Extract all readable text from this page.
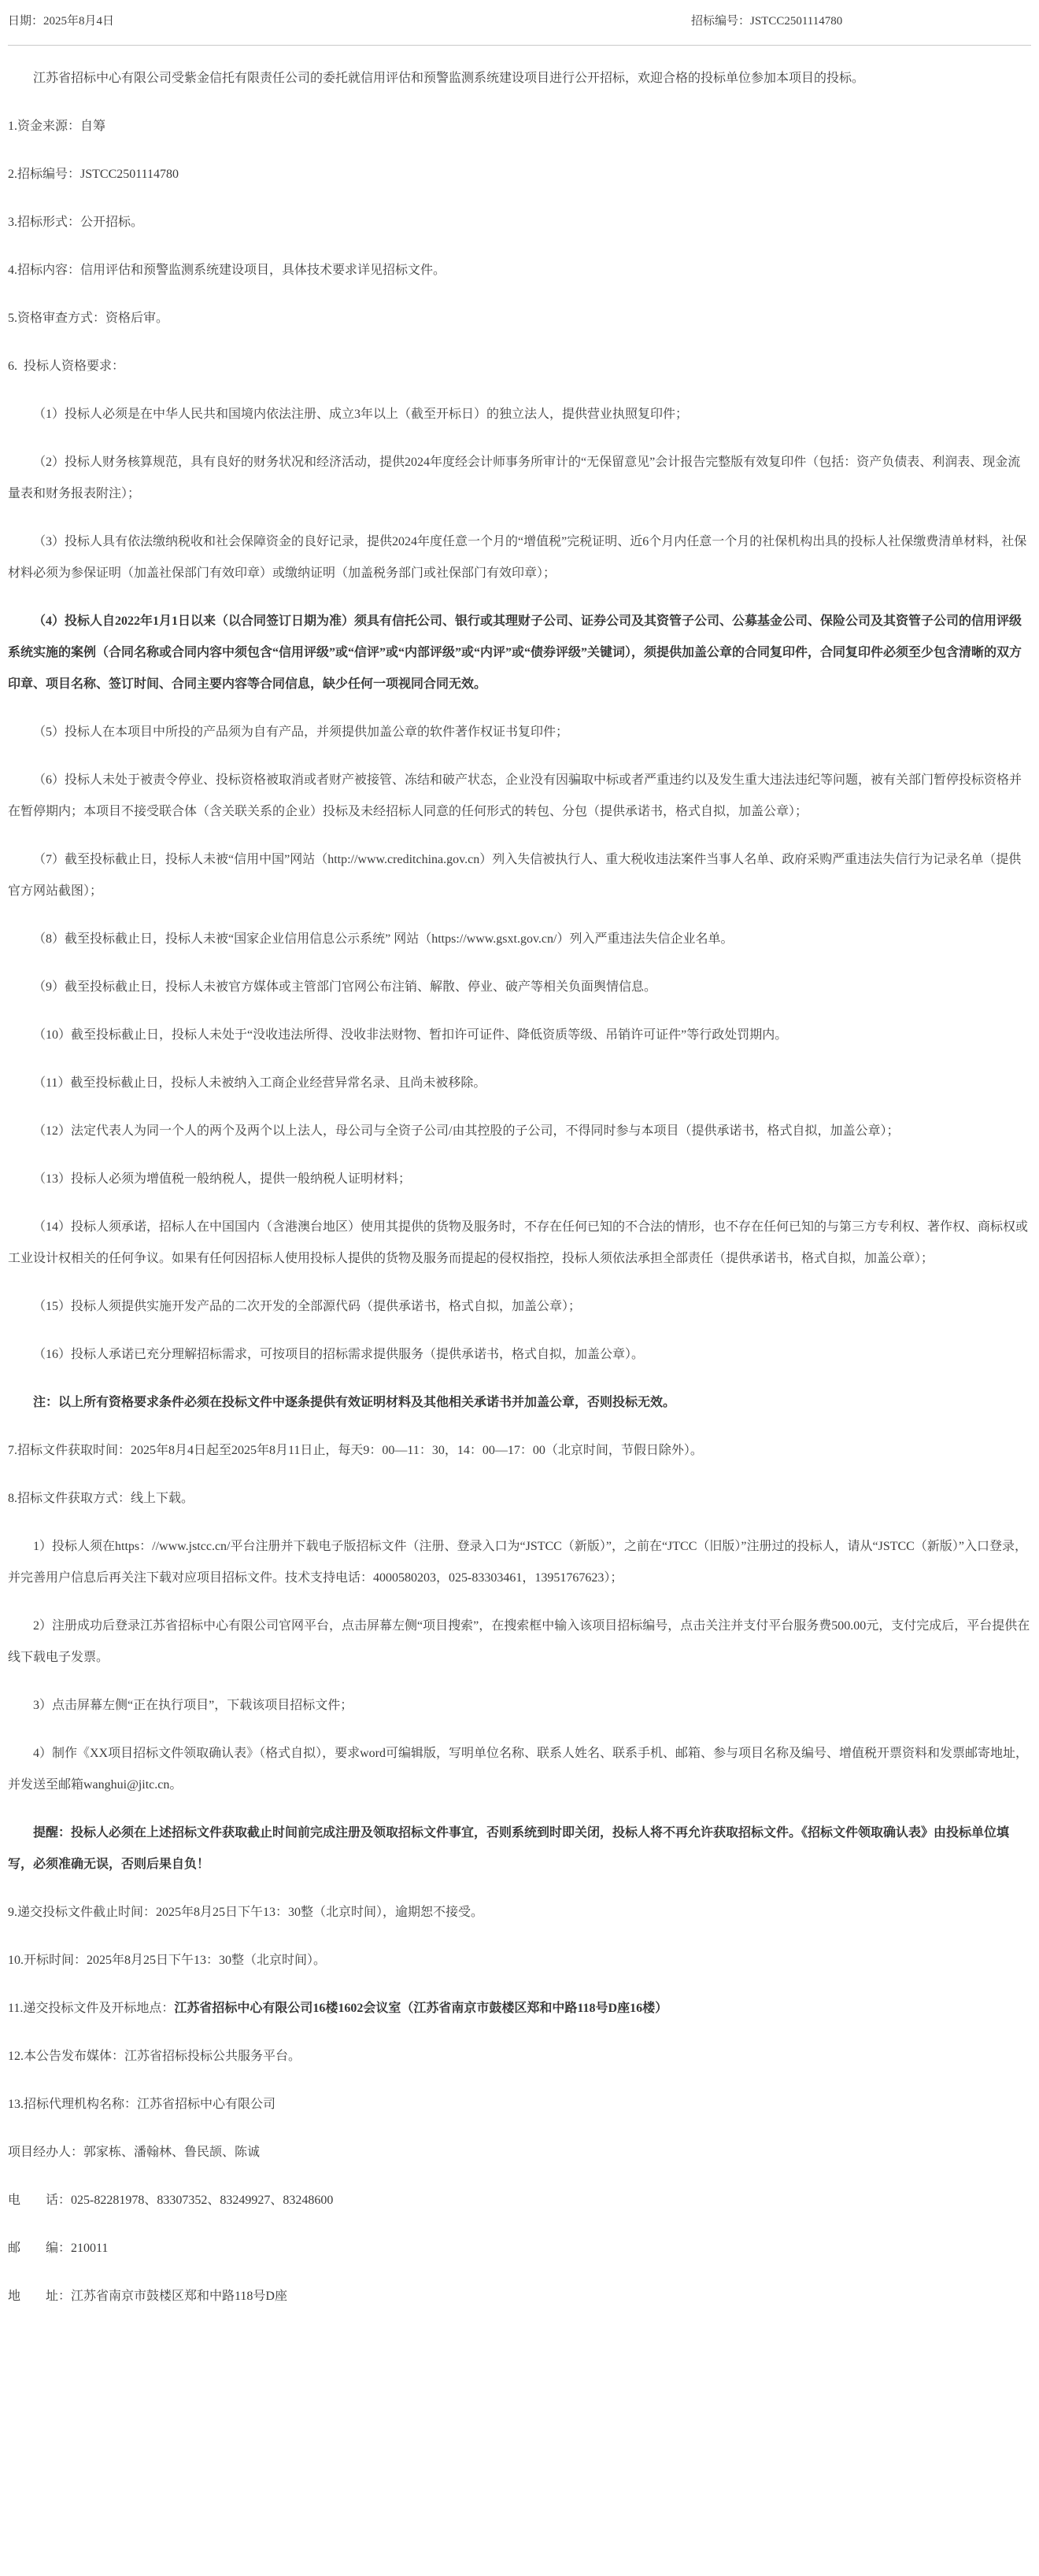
日期：2025年8月4日	招标编号：JSTCC2501114780

江苏省招标中心有限公司受紫金信托有限责任公司的委托就信用评估和预警监测系统建设项目进行公开招标，欢迎合格的投标单位参加本项目的投标。

1.资金来源：自筹

2.招标编号：JSTCC2501114780

3.招标形式：公开招标。

4.招标内容：信用评估和预警监测系统建设项目，具体技术要求详见招标文件。

5.资格审查方式：资格后审。

6.  投标人资格要求：

（1）投标人必须是在中华人民共和国境内依法注册、成立3年以上（截至开标日）的独立法人，提供营业执照复印件；

（2）投标人财务核算规范，具有良好的财务状况和经济活动，提供2024年度经会计师事务所审计的“无保留意见”会计报告完整版有效复印件（包括：资产负债表、利润表、现金流量表和财务报表附注）；

（3）投标人具有依法缴纳税收和社会保障资金的良好记录，提供2024年度任意一个月的“增值税”完税证明、近6个月内任意一个月的社保机构出具的投标人社保缴费清单材料，社保材料必须为参保证明（加盖社保部门有效印章）或缴纳证明（加盖税务部门或社保部门有效印章）；

（4）投标人自2022年1月1日以来（以合同签订日期为准）须具有信托公司、银行或其理财子公司、证券公司及其资管子公司、公募基金公司、保险公司及其资管子公司的信用评级系统实施的案例（合同名称或合同内容中须包含“信用评级”或“信评”或“内部评级”或“内评”或“债券评级”关键词），须提供加盖公章的合同复印件，合同复印件必须至少包含清晰的双方印章、项目名称、签订时间、合同主要内容等合同信息，缺少任何一项视同合同无效。

（5）投标人在本项目中所投的产品须为自有产品，并须提供加盖公章的软件著作权证书复印件；

（6）投标人未处于被责令停业、投标资格被取消或者财产被接管、冻结和破产状态，企业没有因骗取中标或者严重违约以及发生重大违法违纪等问题，被有关部门暂停投标资格并在暂停期内；本项目不接受联合体（含关联关系的企业）投标及未经招标人同意的任何形式的转包、分包（提供承诺书，格式自拟，加盖公章）；

（7）截至投标截止日，投标人未被“信用中国”网站（http://www.creditchina.gov.cn）列入失信被执行人、重大税收违法案件当事人名单、政府采购严重违法失信行为记录名单（提供官方网站截图）；

（8）截至投标截止日，投标人未被“国家企业信用信息公示系统” 网站（https://www.gsxt.gov.cn/）列入严重违法失信企业名单。

（9）截至投标截止日，投标人未被官方媒体或主管部门官网公布注销、解散、停业、破产等相关负面舆情信息。

（10）截至投标截止日，投标人未处于“没收违法所得、没收非法财物、暂扣许可证件、降低资质等级、吊销许可证件”等行政处罚期内。

（11）截至投标截止日，投标人未被纳入工商企业经营异常名录、且尚未被移除。

（12）法定代表人为同一个人的两个及两个以上法人，母公司与全资子公司/由其控股的子公司，不得同时参与本项目（提供承诺书，格式自拟，加盖公章）；

（13）投标人必须为增值税一般纳税人，提供一般纳税人证明材料；

（14）投标人须承诺，招标人在中国国内（含港澳台地区）使用其提供的货物及服务时，不存在任何已知的不合法的情形，也不存在任何已知的与第三方专利权、著作权、商标权或工业设计权相关的任何争议。如果有任何因招标人使用投标人提供的货物及服务而提起的侵权指控，投标人须依法承担全部责任（提供承诺书，格式自拟，加盖公章）；

（15）投标人须提供实施开发产品的二次开发的全部源代码（提供承诺书，格式自拟，加盖公章）；

（16）投标人承诺已充分理解招标需求，可按项目的招标需求提供服务（提供承诺书，格式自拟，加盖公章）。

注：以上所有资格要求条件必须在投标文件中逐条提供有效证明材料及其他相关承诺书并加盖公章，否则投标无效。

7.招标文件获取时间：2025年8月4日起至2025年8月11日止，每天9：00—11：30，14：00—17：00（北京时间，节假日除外）。

8.招标文件获取方式：线上下载。

1）投标人须在https：//www.jstcc.cn/平台注册并下载电子版招标文件（注册、登录入口为“JSTCC（新版）”，之前在“JTCC（旧版）”注册过的投标人，请从“JSTCC（新版）”入口登录，并完善用户信息后再关注下载对应项目招标文件。技术支持电话：4000580203，025-83303461，13951767623）；

2）注册成功后登录江苏省招标中心有限公司官网平台，点击屏幕左侧“项目搜索”，在搜索框中输入该项目招标编号，点击关注并支付平台服务费500.00元，支付完成后，平台提供在线下载电子发票。

3）点击屏幕左侧“正在执行项目”，下载该项目招标文件；

4）制作《XX项目招标文件领取确认表》（格式自拟），要求word可编辑版，写明单位名称、联系人姓名、联系手机、邮箱、参与项目名称及编号、增值税开票资料和发票邮寄地址，并发送至邮箱wanghui@jitc.cn。

提醒：投标人必须在上述招标文件获取截止时间前完成注册及领取招标文件事宜，否则系统到时即关闭，投标人将不再允许获取招标文件。《招标文件领取确认表》由投标单位填写，必须准确无误，否则后果自负！

9.递交投标文件截止时间：2025年8月25日下午13：30整（北京时间），逾期恕不接受。

10.开标时间：2025年8月25日下午13：30整（北京时间）。

11.递交投标文件及开标地点：江苏省招标中心有限公司16楼1602会议室（江苏省南京市鼓楼区郑和中路118号D座16楼）

12.本公告发布媒体：江苏省招标投标公共服务平台。

13.招标代理机构名称：江苏省招标中心有限公司

项目经办人：郭家栋、潘翰林、鲁民颉、陈诚

电　　话：025-82281978、83307352、83249927、83248600

邮　　编：210011

地　　址：江苏省南京市鼓楼区郑和中路118号D座
